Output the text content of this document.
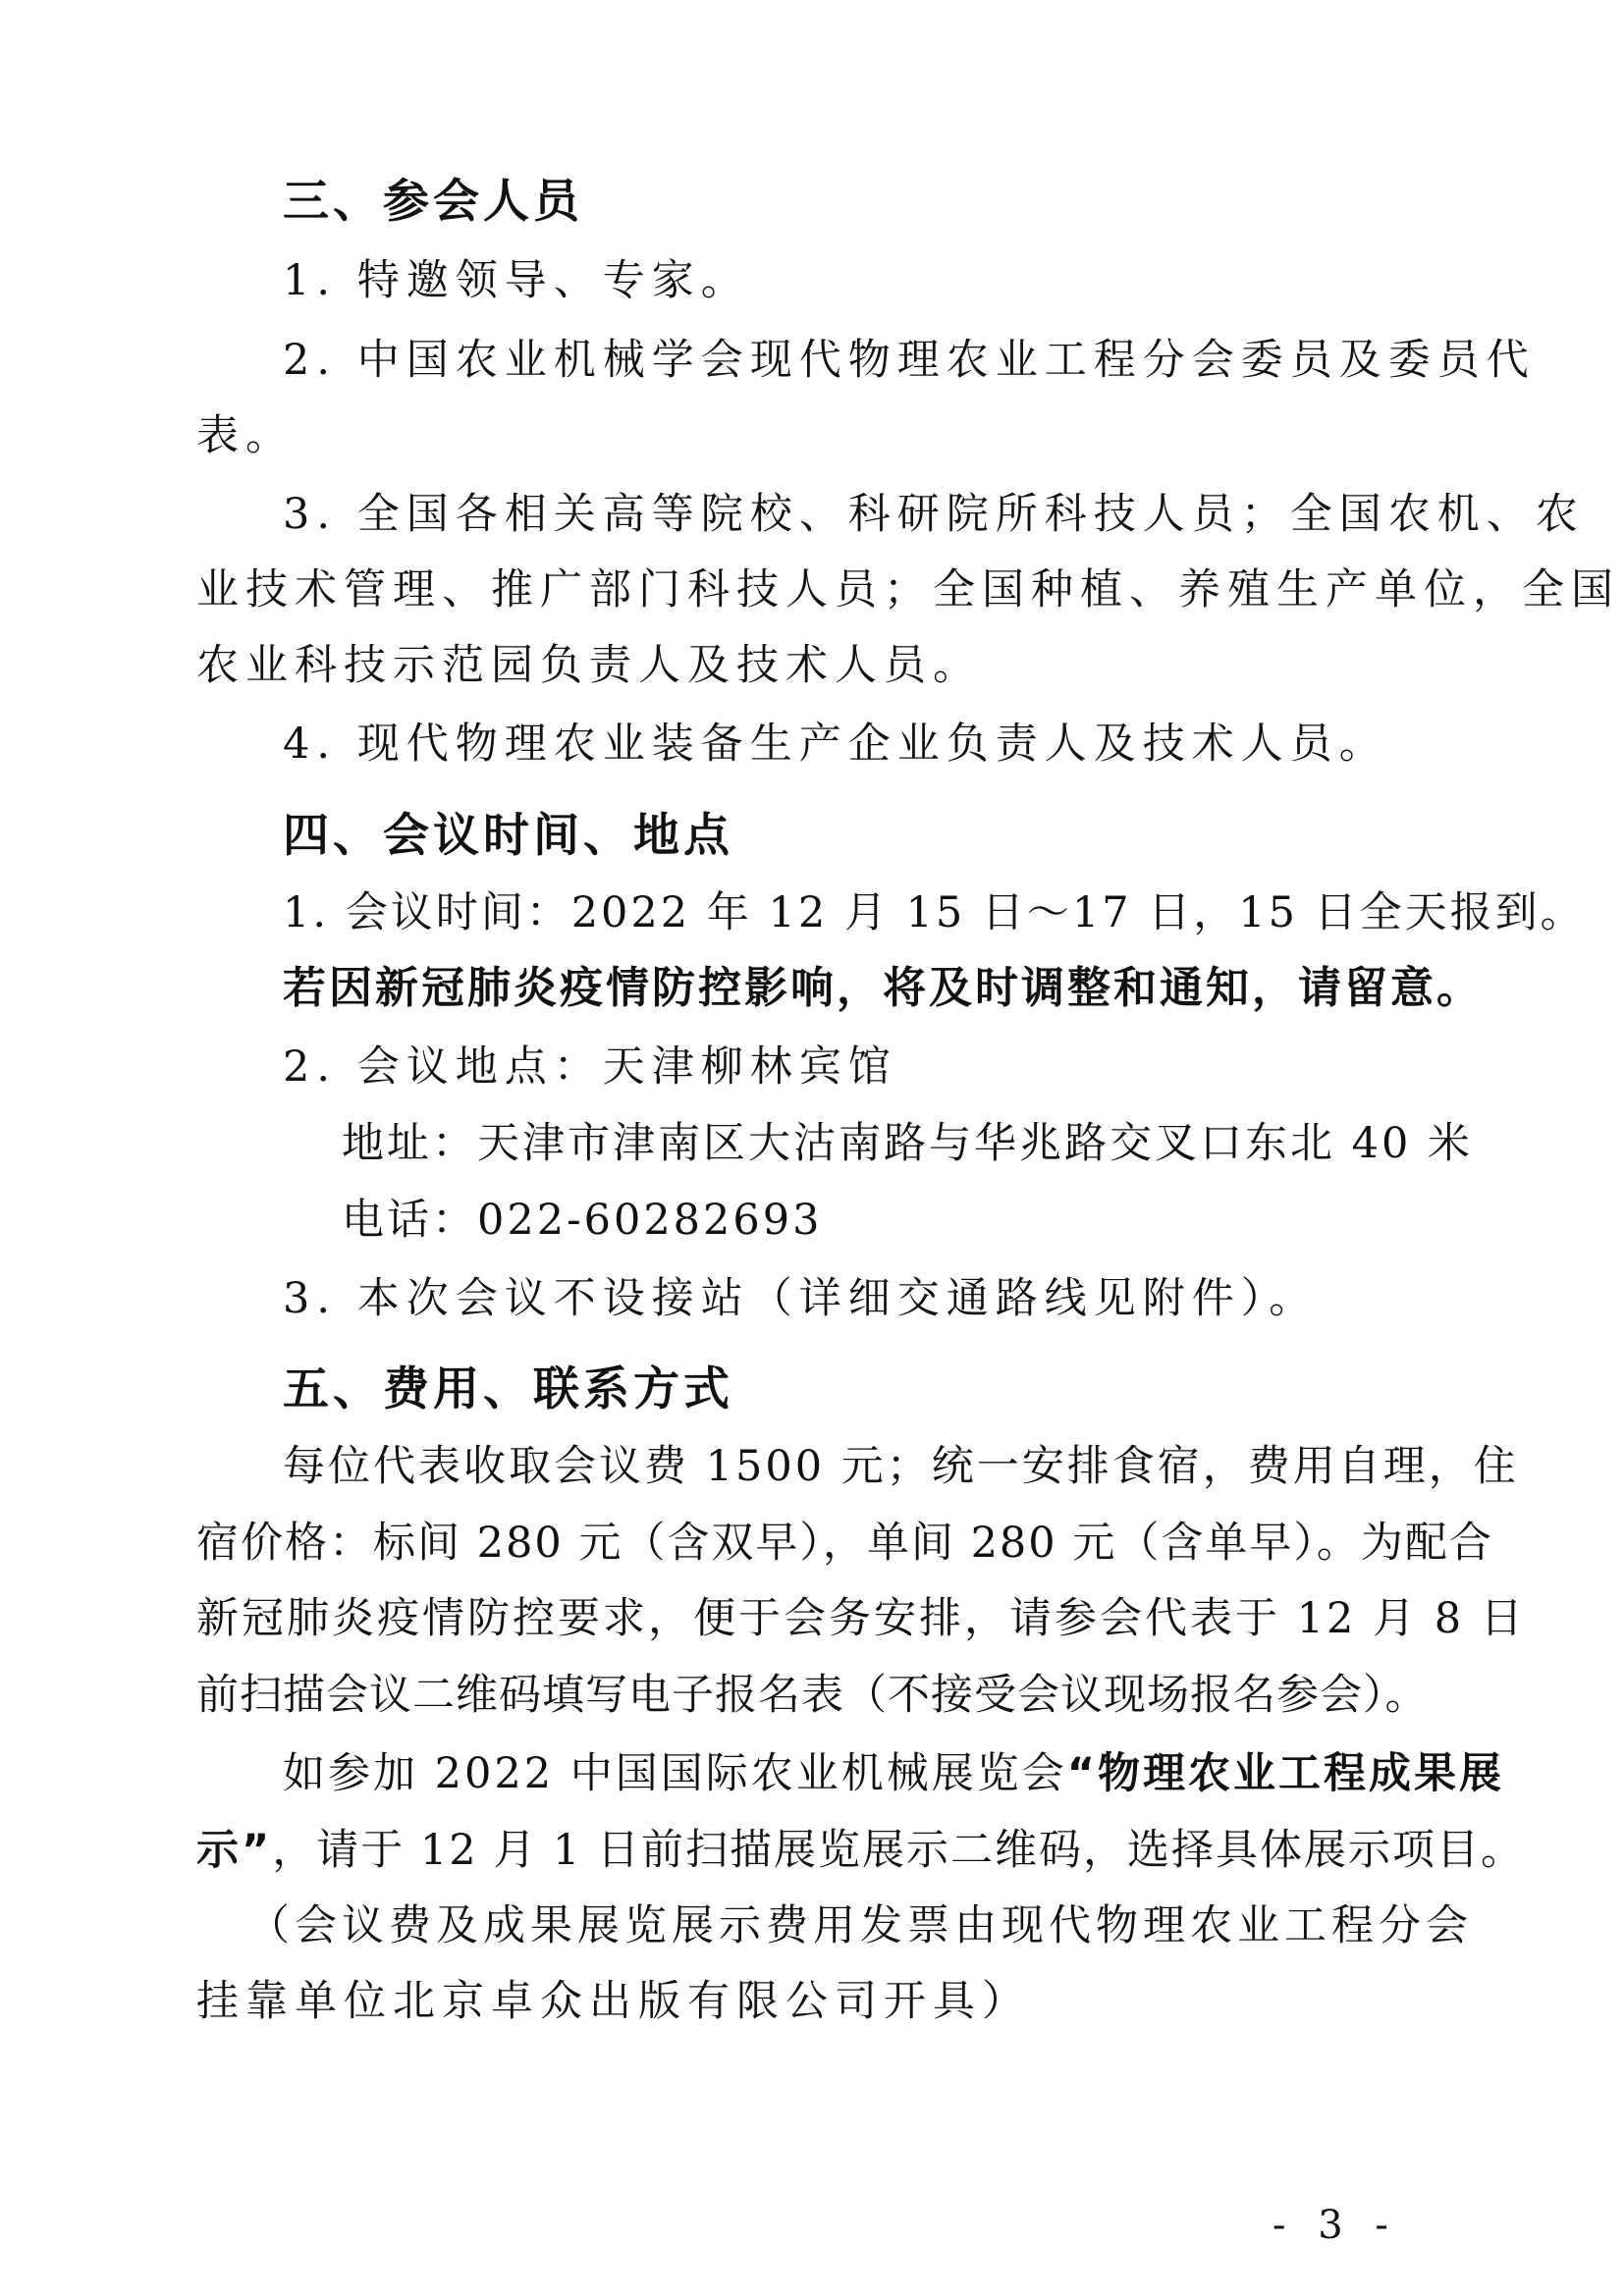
三、参会人员
1. 特邀领导、专家。
2. 中国农业机械学会现代物理农业工程分会委员及委员代
表。
3. 全国各相关高等院校、科研院所科技人员；全国农机、农
业技术管理、推广部门科技人员；全国种植、养殖生产单位，全国
农业科技示范园负责人及技术人员。
4. 现代物理农业装备生产企业负责人及技术人员。
四、会议时间、地点
1. 会议时间：2022 年 12 月 15 日～17 日，15 日全天报到。
若因新冠肺炎疫情防控影响，将及时调整和通知，请留意。
2. 会议地点：天津柳林宾馆
地址：天津市津南区大沽南路与华兆路交叉口东北 40 米
电话：022-60282693
3. 本次会议不设接站（详细交通路线见附件）。
五、费用、联系方式
每位代表收取会议费 1500 元；统一安排食宿，费用自理，住
宿价格：标间 280 元（含双早），单间 280 元（含单早）。为配合
新冠肺炎疫情防控要求，便于会务安排，请参会代表于 12 月 8 日
前扫描会议二维码填写电子报名表（不接受会议现场报名参会）。
如参加 2022 中国国际农业机械展览会“物理农业工程成果展
示”，请于 12 月 1 日前扫描展览展示二维码，选择具体展示项目。
（会议费及成果展览展示费用发票由现代物理农业工程分会
挂靠单位北京卓众出版有限公司开具）
- 3 -
